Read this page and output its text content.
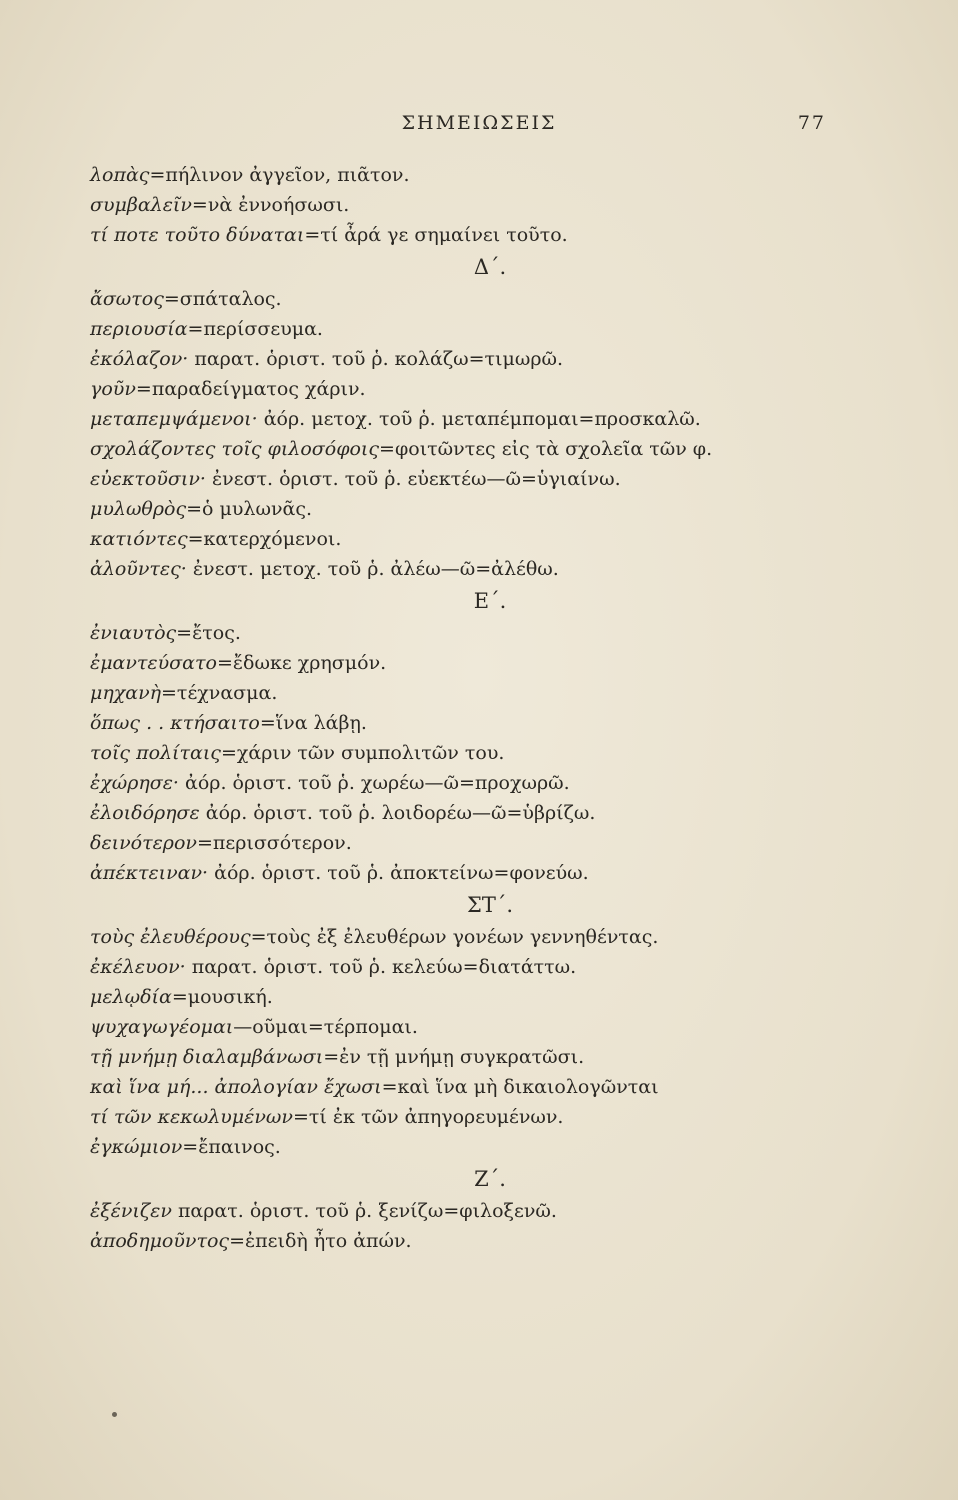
ΣΗΜΕΙΩΣΕΙΣ	77
λοπὰς=πήλινον ἀγγεῖον, πιᾶτον.
συμβαλεῖν=νὰ ἐννοήσωσι.
τί ποτε τοῦτο δύναται=τί ἆρά γε σημαίνει τοῦτο.
Δ΄.
ἄσωτος=σπάταλος.
περιουσία=περίσσευμα.
ἐκόλαζον· παρατ. ὁριστ. τοῦ ῥ. κολάζω=τιμωρῶ.
γοῦν=παραδείγματος χάριν.
μεταπεμψάμενοι· ἀόρ. μετοχ. τοῦ ῥ. μεταπέμπομαι=προσκαλῶ.
σχολάζοντες τοῖς φιλοσόφοις=φοιτῶντες εἰς τὰ σχολεῖα τῶν φ.
εὐεκτοῦσιν· ἐνεστ. ὁριστ. τοῦ ῥ. εὐεκτέω—ῶ=ὑγιαίνω.
μυλωθρὸς=ὁ μυλωνᾶς.
κατιόντες=κατερχόμενοι.
ἀλοῦντες· ἐνεστ. μετοχ. τοῦ ῥ. ἀλέω—ῶ=ἀλέθω.
Ε΄.
ἐνιαυτὸς=ἔτος.
ἐμαντεύσατο=ἔδωκε χρησμόν.
μηχανὴ=τέχνασμα.
ὅπως . . κτήσαιτο=ἵνα λάβῃ.
τοῖς πολίταις=χάριν τῶν συμπολιτῶν του.
ἐχώρησε· ἀόρ. ὁριστ. τοῦ ῥ. χωρέω—ῶ=προχωρῶ.
ἐλοιδόρησε ἀόρ. ὁριστ. τοῦ ῥ. λοιδορέω—ῶ=ὑβρίζω.
δεινότερον=περισσότερον.
ἀπέκτειναν· ἀόρ. ὁριστ. τοῦ ῥ. ἀποκτείνω=φονεύω.
ΣΤ΄.
τοὺς ἐλευθέρους=τοὺς ἐξ ἐλευθέρων γονέων γεννηθέντας.
ἐκέλευον· παρατ. ὁριστ. τοῦ ῥ. κελεύω=διατάττω.
μελῳδία=μουσική.
ψυχαγωγέομαι—οῦμαι=τέρπομαι.
τῇ μνήμῃ διαλαμβάνωσι=ἐν τῇ μνήμῃ συγκρατῶσι.
καὶ ἵνα μή... ἀπολογίαν ἔχωσι=καὶ ἵνα μὴ δικαιολογῶνται
τί τῶν κεκωλυμένων=τί ἐκ τῶν ἀπηγορευμένων.
ἐγκώμιον=ἔπαινος.
Ζ΄.
ἐξένιζεν παρατ. ὁριστ. τοῦ ῥ. ξενίζω=φιλοξενῶ.
ἀποδημοῦντος=ἐπειδὴ ἦτο ἀπών.
